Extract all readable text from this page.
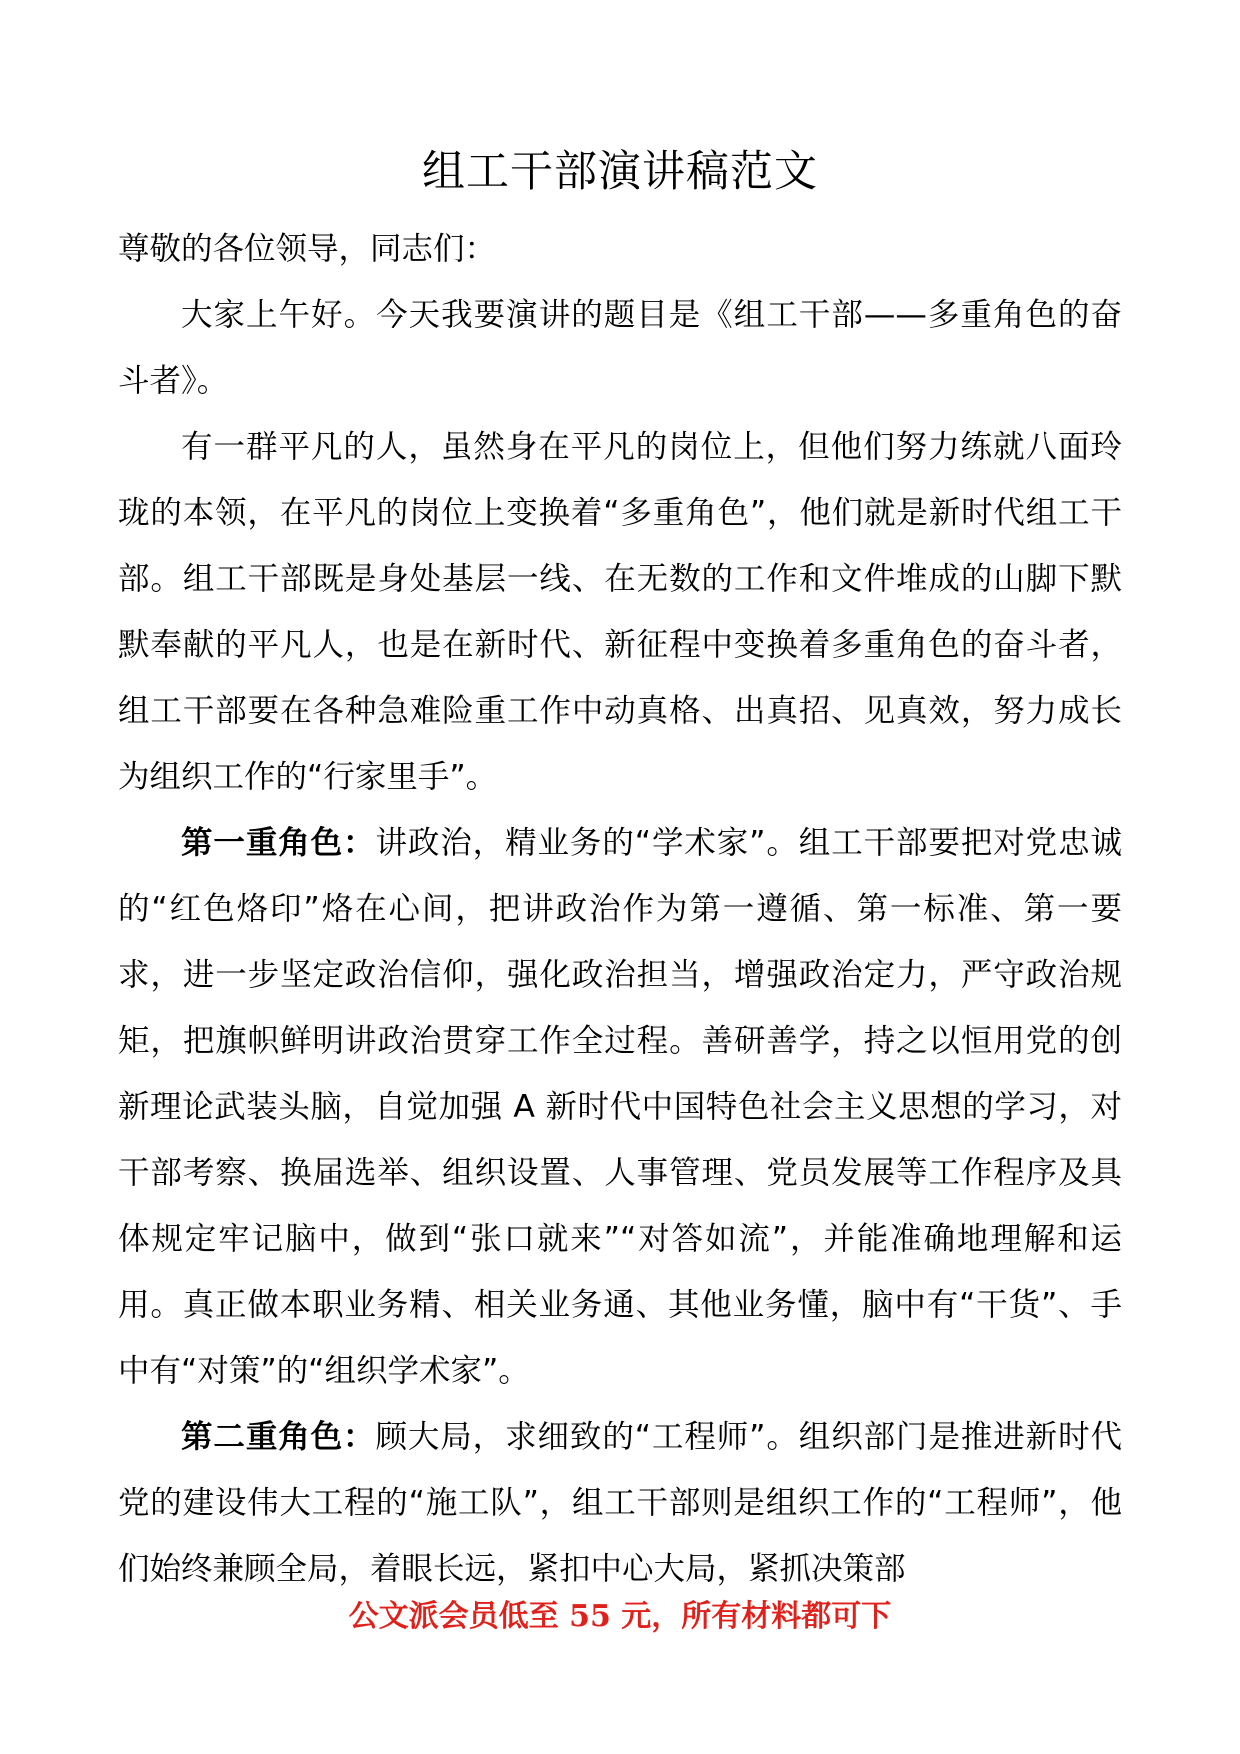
组工干部演讲稿范文

尊敬的各位领导，同志们：

大家上午好。今天我要演讲的题目是《组工干部——多重角色的奋斗者》。

有一群平凡的人，虽然身在平凡的岗位上，但他们努力练就八面玲珑的本领，在平凡的岗位上变换着“多重角色”，他们就是新时代组工干部。组工干部既是身处基层一线、在无数的工作和文件堆成的山脚下默默奉献的平凡人，也是在新时代、新征程中变换着多重角色的奋斗者，组工干部要在各种急难险重工作中动真格、出真招、见真效，努力成长为组织工作的“行家里手”。

第一重角色：讲政治，精业务的“学术家”。组工干部要把对党忠诚的“红色烙印”烙在心间，把讲政治作为第一遵循、第一标准、第一要求，进一步坚定政治信仰，强化政治担当，增强政治定力，严守政治规矩，把旗帜鲜明讲政治贯穿工作全过程。善研善学，持之以恒用党的创新理论武装头脑，自觉加强 A 新时代中国特色社会主义思想的学习，对干部考察、换届选举、组织设置、人事管理、党员发展等工作程序及具体规定牢记脑中，做到“张口就来”“对答如流”，并能准确地理解和运用。真正做本职业务精、相关业务通、其他业务懂，脑中有“干货”、手中有“对策”的“组织学术家”。

第二重角色：顾大局，求细致的“工程师”。组织部门是推进新时代党的建设伟大工程的“施工队”，组工干部则是组织工作的“工程师”，他们始终兼顾全局，着眼长远，紧扣中心大局，紧抓决策部

公文派会员低至 55 元，所有材料都可下
